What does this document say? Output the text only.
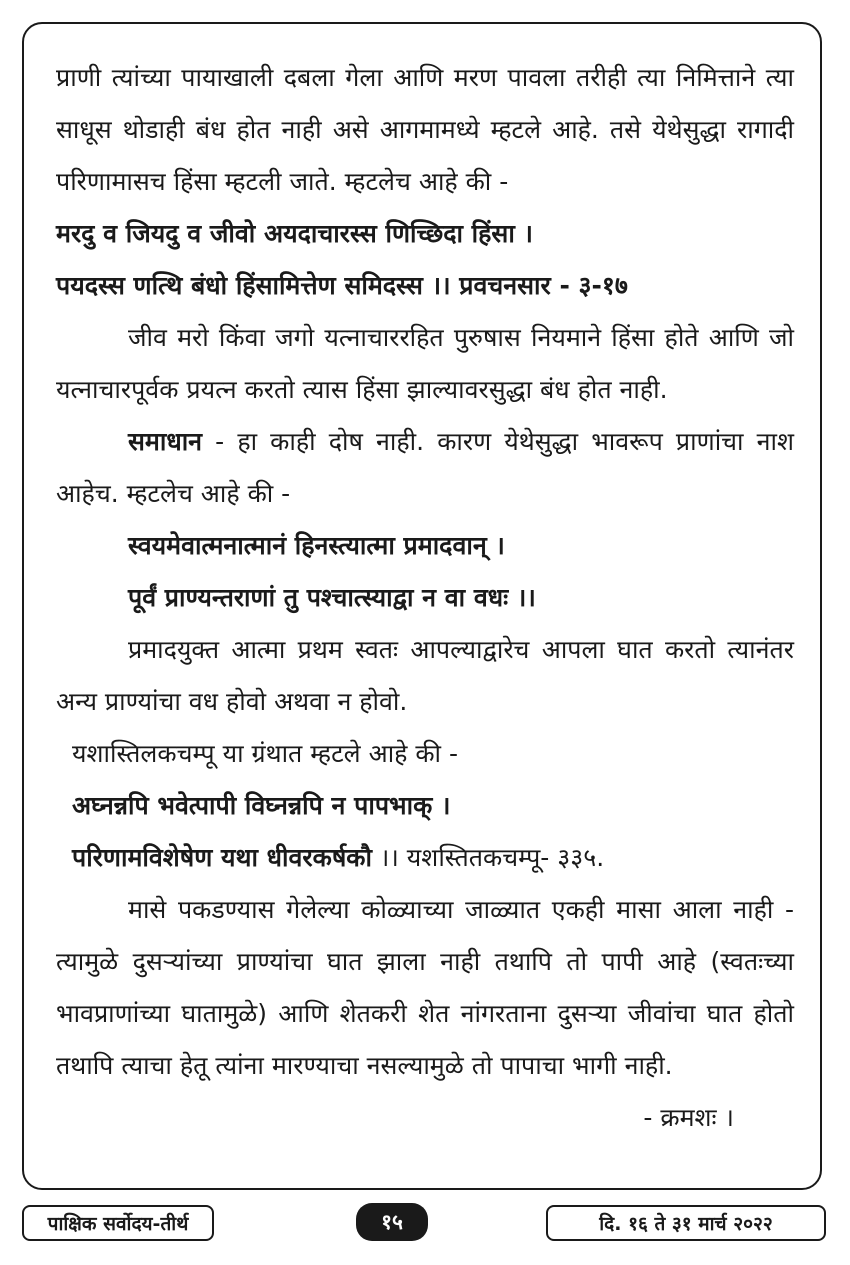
प्राणी त्यांच्या पायाखाली दबला गेला आणि मरण पावला तरीही त्या निमित्ताने त्या साधूस थोडाही बंध होत नाही असे आगमामध्ये म्हटले आहे. तसे येथेसुद्धा रागादी परिणामासच हिंसा म्हटली जाते. म्हटलेच आहे की -

मरदु व जियदु व जीवो अयदाचारस्स णिच्छिदा हिंसा ।

पयदस्स णत्थि बंधो हिंसामित्तेण समिदस्स ।। प्रवचनसार - ३-१७

जीव मरो किंवा जगो यत्नाचाररहित पुरुषास नियमाने हिंसा होते आणि जो यत्नाचारपूर्वक प्रयत्न करतो त्यास हिंसा झाल्यावरसुद्धा बंध होत नाही.

समाधान - हा काही दोष नाही. कारण येथेसुद्धा भावरूप प्राणांचा नाश आहेच. म्हटलेच आहे की -

स्वयमेवात्मनात्मानं हिनस्त्यात्मा प्रमादवान् ।

पूर्वं प्राण्यन्तराणां तु पश्चात्स्याद्वा न वा वधः ।।

प्रमादयुक्त आत्मा प्रथम स्वतः आपल्याद्वारेच आपला घात करतो त्यानंतर अन्य प्राण्यांचा वध होवो अथवा न होवो.

यशास्तिलकचम्पू या ग्रंथात म्हटले आहे की -

अघ्नन्नपि भवेत्पापी विघ्नन्नपि न पापभाक् ।

परिणामविशेषेण यथा धीवरकर्षकौ ।। यशस्तितकचम्पू- ३३५.

मासे पकडण्यास गेलेल्या कोळ्याच्या जाळ्यात एकही मासा आला नाही - त्यामुळे दुसऱ्यांच्या प्राण्यांचा घात झाला नाही तथापि तो पापी आहे (स्वतःच्या भावप्राणांच्या घातामुळे) आणि शेतकरी शेत नांगरताना दुसऱ्या जीवांचा घात होतो तथापि त्याचा हेतू त्यांना मारण्याचा नसल्यामुळे तो पापाचा भागी नाही.
- क्रमशः ।

पाक्षिक सर्वोदय-तीर्थ	१५	दि. १६ ते ३१ मार्च २०२२
